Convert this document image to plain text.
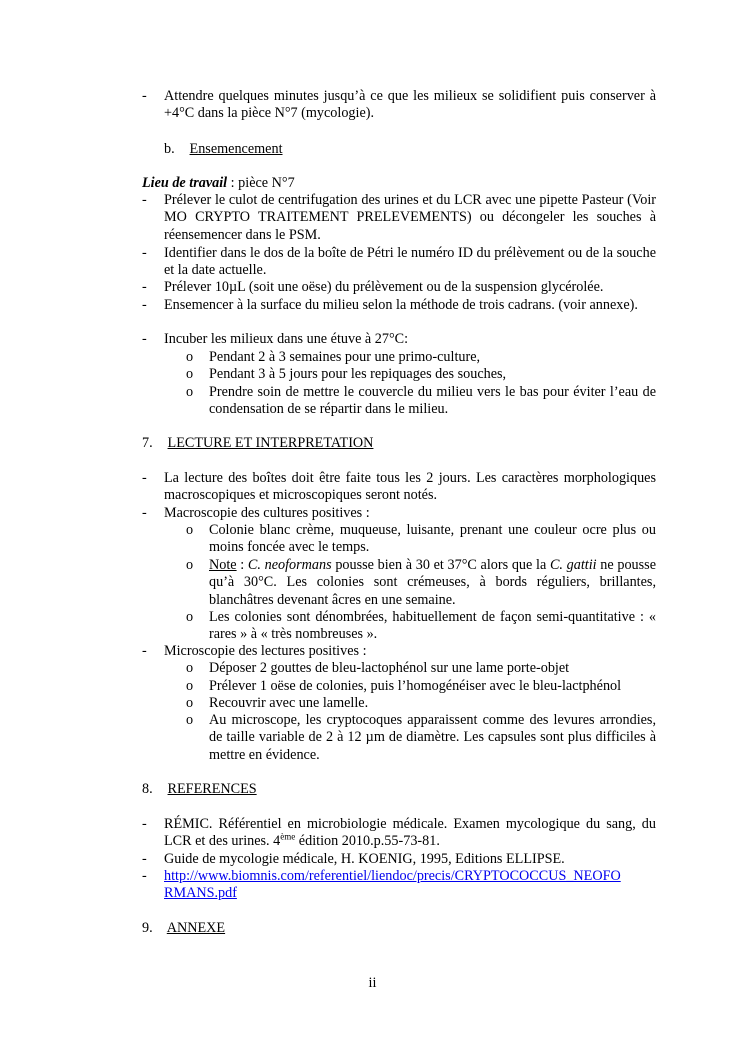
-	Attendre quelques minutes jusqu’à ce que les milieux se solidifient puis conserver à +4°C dans la pièce N°7 (mycologie).
b. Ensemencement
Lieu de travail : pièce N°7
-	Prélever le culot de centrifugation des urines et du LCR avec une pipette Pasteur (Voir MO CRYPTO TRAITEMENT PRELEVEMENTS) ou décongeler les souches à réensemencer dans le PSM.
-	Identifier dans le dos de la boîte de Pétri le numéro ID du prélèvement ou de la souche et la date actuelle.
-	Prélever 10µL (soit une oëse) du prélèvement ou de la suspension glycérolée.
-	Ensemencer à la surface du milieu selon la méthode de trois cadrans. (voir annexe).
-	Incuber les milieux dans une étuve à 27°C:
o	Pendant 2 à 3 semaines pour une primo-culture,
o	Pendant 3 à 5 jours pour les repiquages des souches,
o	Prendre soin de mettre le couvercle du milieu vers le bas pour éviter l’eau de condensation de se répartir dans le milieu.
7. LECTURE ET INTERPRETATION
-	La lecture des boîtes doit être faite tous les 2 jours. Les caractères morphologiques macroscopiques et microscopiques seront notés.
-	Macroscopie des cultures positives :
o	Colonie blanc crème, muqueuse, luisante, prenant une couleur ocre plus ou moins foncée avec le temps.
o	Note : C. neoformans pousse bien à 30 et 37°C alors que la C. gattii ne pousse qu’à 30°C. Les colonies sont crémeuses, à bords réguliers, brillantes, blanchâtres devenant âcres en une semaine.
o	Les colonies sont dénombrées, habituellement de façon semi-quantitative : « rares » à « très nombreuses ».
-	Microscopie des lectures positives :
o	Déposer 2 gouttes de bleu-lactophénol sur une lame porte-objet
o	Prélever 1 oëse de colonies, puis l’homogénéiser avec le bleu-lactphénol
o	Recouvrir avec une lamelle.
o	Au microscope, les cryptocoques apparaissent comme des levures arrondies, de taille variable de 2 à 12 µm de diamètre. Les capsules sont plus difficiles à mettre en évidence.
8. REFERENCES
-	RÉMIC. Référentiel en microbiologie médicale. Examen mycologique du sang, du LCR et des urines. 4ème édition 2010.p.55-73-81.
-	Guide de mycologie médicale, H. KOENIG, 1995, Editions ELLIPSE.
-	http://www.biomnis.com/referentiel/liendoc/precis/CRYPTOCOCCUS_NEOFO
RMANS.pdf
9. ANNEXE
ii
